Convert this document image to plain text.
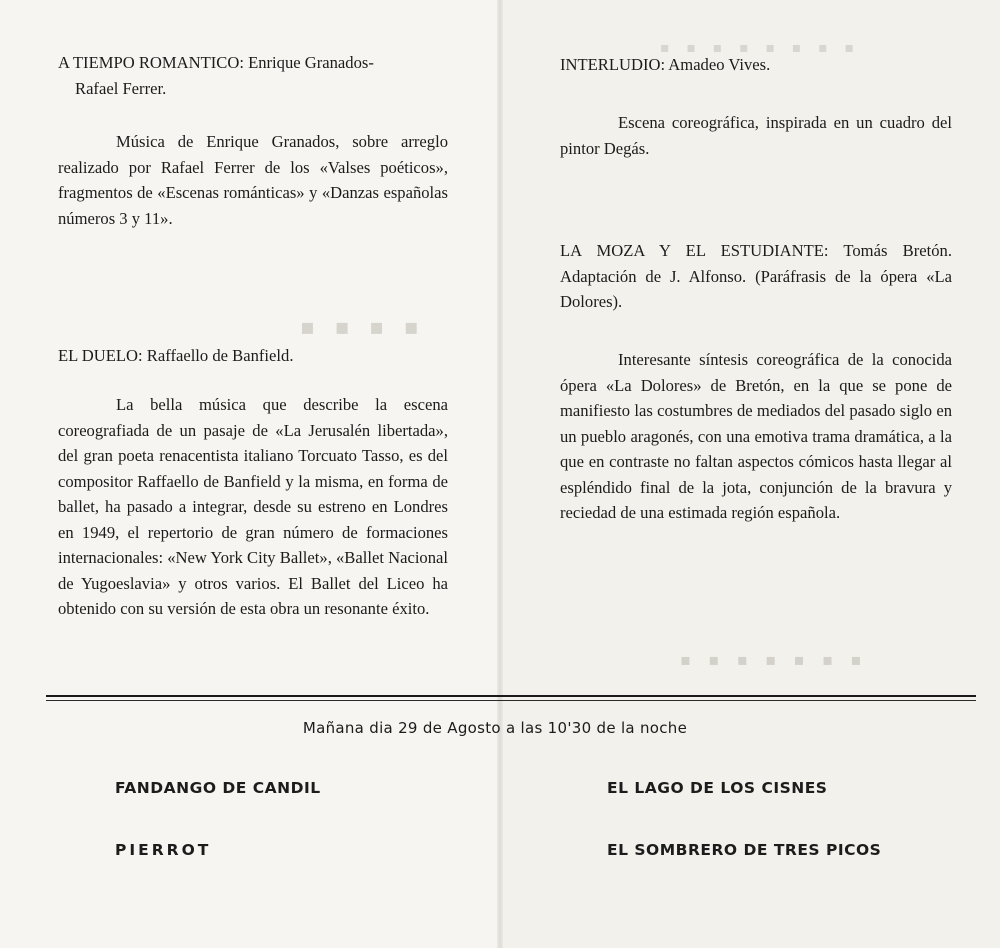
▪ ▪ ▪ ▪
▪ ▪ ▪ ▪ ▪ ▪ ▪ ▪
▪ ▪ ▪ ▪ ▪ ▪ ▪
A TIEMPO ROMANTICO: Enrique Granados-
Rafael Ferrer.
Música de Enrique Granados, sobre arreglo realizado por Rafael Ferrer de los «Valses poéticos», fragmentos de «Escenas románticas» y «Danzas españolas números 3 y 11».
EL DUELO: Raffaello de Banfield.
La bella música que describe la escena coreografiada de un pasaje de «La Jerusalén libertada», del gran poeta renacentista italiano Torcuato Tasso, es del compositor Raffaello de Banfield y la misma, en forma de ballet, ha pasado a integrar, desde su estreno en Londres en 1949, el repertorio de gran número de formaciones internacionales: «New York City Ballet», «Ballet Nacional de Yugoeslavia» y otros varios. El Ballet del Liceo ha obtenido con su versión de esta obra un resonante éxito.
INTERLUDIO: Amadeo Vives.
Escena coreográfica, inspirada en un cuadro del pintor Degás.
LA MOZA Y EL ESTUDIANTE: Tomás Bretón. Adaptación de J. Alfonso. (Paráfrasis de la ópera «La Dolores).
Interesante síntesis coreográfica de la conocida ópera «La Dolores» de Bretón, en la que se pone de manifiesto las costumbres de mediados del pasado siglo en un pueblo aragonés, con una emotiva trama dramática, a la que en contraste no faltan aspectos cómicos hasta llegar al espléndido final de la jota, conjunción de la bravura y reciedad de una estimada región española.
Mañana dia 29 de Agosto a las 10'30 de la noche
FANDANGO DE CANDIL	EL LAGO DE LOS CISNES
PIERROT	EL SOMBRERO DE TRES PICOS
